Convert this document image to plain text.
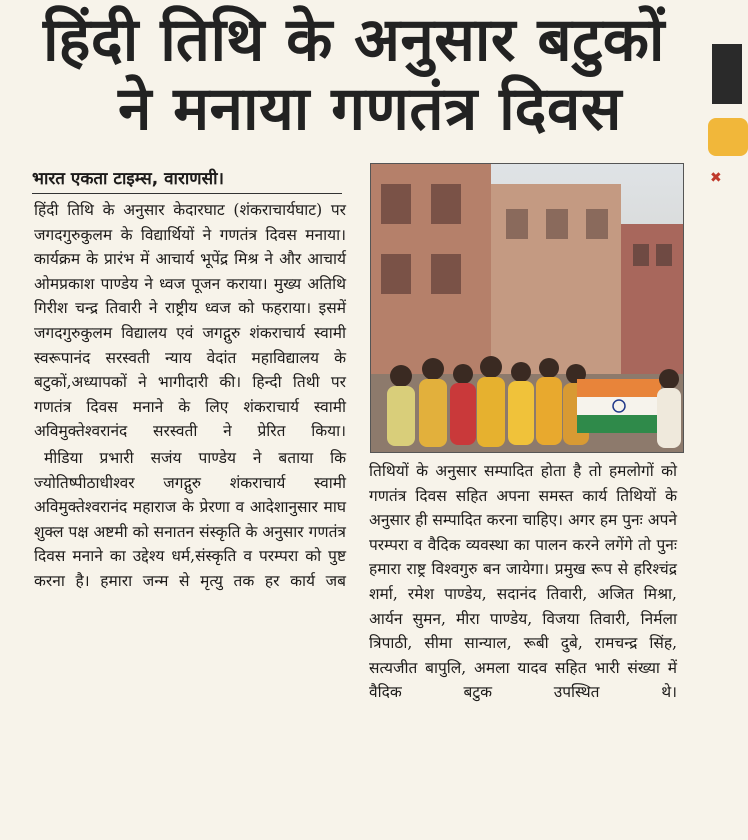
हिंदी तिथि के अनुसार बटुकों
ने मनाया गणतंत्र दिवस
✖
भारत एकता टाइम्स, वाराणसी।

हिंदी तिथि के अनुसार केदारघाट (शंकराचार्यघाट) पर जगदगुरुकुलम के विद्यार्थियों ने गणतंत्र दिवस मनाया। कार्यक्रम के प्रारंभ में आचार्य भूपेंद्र मिश्र ने और आचार्य ओमप्रकाश पाण्डेय ने ध्वज पूजन कराया। मुख्य अतिथि गिरीश चन्द्र तिवारी ने राष्ट्रीय ध्वज को फहराया। इसमें जगदगुरुकुलम विद्यालय एवं जगद्गुरु शंकराचार्य स्वामी स्वरूपानंद सरस्वती न्याय वेदांत महाविद्यालय के बटुकों,अध्यापकों ने भागीदारी की। हिन्दी तिथी पर गणतंत्र दिवस मनाने के लिए शंकराचार्य स्वामी अविमुक्तेश्वरानंद सरस्वती ने प्रेरित किया।

मीडिया प्रभारी सजंय पाण्डेय ने बताया कि ज्योतिष्पीठाधीश्वर जगद्गुरु शंकराचार्य स्वामी अविमुक्तेश्वरानंद महाराज के प्रेरणा व आदेशानुसार माघ शुक्ल पक्ष अष्टमी को सनातन संस्कृति के अनुसार गणतंत्र दिवस मनाने का उद्देश्य धर्म,संस्कृति व परम्परा को पुष्ट करना है। हमारा जन्म से मृत्यु तक हर कार्य जब

तिथियों के अनुसार सम्पादित होता है तो हमलोगों को गणतंत्र दिवस सहित अपना समस्त कार्य तिथियों के अनुसार ही सम्पादित करना चाहिए। अगर हम पुनः अपने परम्परा व वैदिक व्यवस्था का पालन करने लगेंगे तो पुनः हमारा राष्ट्र विश्वगुरु बन जायेगा। प्रमुख रूप से हरिश्चंद्र शर्मा, रमेश पाण्डेय, सदानंद तिवारी, अजित मिश्रा, आर्यन सुमन, मीरा पाण्डेय, विजया तिवारी, निर्मला त्रिपाठी, सीमा सान्याल, रूबी दुबे, रामचन्द्र सिंह, सत्यजीत बापुलि, अमला यादव सहित भारी संख्या में वैदिक बटुक उपस्थित थे।
